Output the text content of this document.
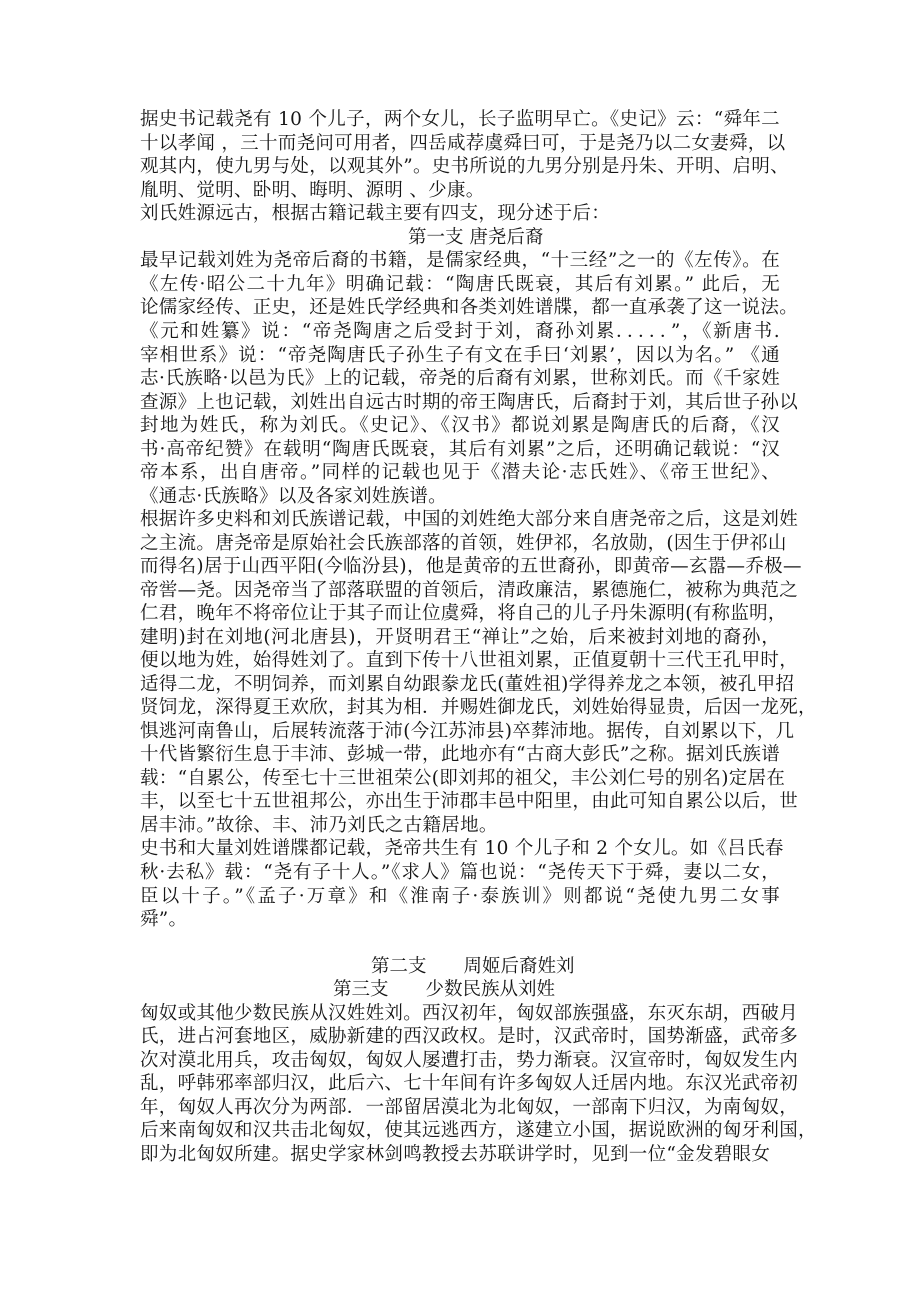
据史书记载尧有 10 个儿子，两个女儿，长子监明早亡。《史记》云：“舜年二
十以孝闻 ，三十而尧问可用者，四岳咸荐虞舜曰可，于是尧乃以二女妻舜，以
观其内，使九男与处，以观其外”。史书所说的九男分别是丹朱、开明、启明、
胤明、觉明、卧明、晦明、源明 、少康。
刘氏姓源远古，根据古籍记载主要有四支，现分述于后：
第一支 唐尧后裔
最早记载刘姓为尧帝后裔的书籍，是儒家经典，“十三经”之一的《左传》。在
《左传·昭公二十九年》明确记载：“陶唐氏既衰，其后有刘累。” 此后，无
论儒家经传、正史，还是姓氏学经典和各类刘姓谱牒，都一直承袭了这一说法。
《元和姓纂》说：“帝尧陶唐之后受封于刘，裔孙刘累．．．．．”，《新唐书.
宰相世系》说：“帝尧陶唐氏子孙生子有文在手曰‘刘累’，因以为名。” 《通
志·氏族略·以邑为氏》上的记载，帝尧的后裔有刘累，世称刘氏。而《千家姓
查源》上也记载，刘姓出自远古时期的帝王陶唐氏，后裔封于刘，其后世子孙以
封地为姓氏，称为刘氏。《史记》、《汉书》都说刘累是陶唐氏的后裔，《汉
书·高帝纪赞》在载明“陶唐氏既衰，其后有刘累”之后，还明确记载说：“汉
帝本系，出自唐帝。”同样的记载也见于《潜夫论·志氏姓》、《帝王世纪》、
《通志·氏族略》以及各家刘姓族谱。
根据许多史料和刘氏族谱记载，中国的刘姓绝大部分来自唐尧帝之后，这是刘姓
之主流。唐尧帝是原始社会氏族部落的首领，姓伊祁，名放勋，(因生于伊祁山
而得名)居于山西平阳(今临汾县)，他是黄帝的五世裔孙，即黄帝—玄嚣—乔极—
帝喾—尧。因尧帝当了部落联盟的首领后，清政廉洁，累德施仁，被称为典范之
仁君，晚年不将帝位让于其子而让位虞舜，将自己的儿子丹朱源明(有称监明，
建明)封在刘地(河北唐县)，开贤明君王“禅让”之始，后来被封刘地的裔孙，
便以地为姓，始得姓刘了。直到下传十八世祖刘累，正值夏朝十三代王孔甲时，
适得二龙，不明饲养，而刘累自幼跟豢龙氏(董姓祖)学得养龙之本领，被孔甲招
贤饲龙，深得夏王欢欣，封其为相．并赐姓御龙氏，刘姓始得显贵，后因一龙死，
惧逃河南鲁山，后展转流落于沛(今江苏沛县)卒葬沛地。据传，自刘累以下，几
十代皆繁衍生息于丰沛、彭城一带，此地亦有“古商大彭氏”之称。据刘氏族谱
载：“自累公，传至七十三世祖荣公(即刘邦的祖父，丰公刘仁号的别名)定居在
丰，以至七十五世祖邦公，亦出生于沛郡丰邑中阳里，由此可知自累公以后，世
居丰沛。”故徐、丰、沛乃刘氏之古籍居地。
史书和大量刘姓谱牒都记载，尧帝共生有 10 个儿子和 2 个女儿。如《吕氏春
秋·去私》载：“尧有子十人。”《求人》篇也说：“尧传天下于舜，妻以二女，
臣以十子。”《孟子·万章》和《淮南子·泰族训》则都说“尧使九男二女事
舜”。
第二支　　周姬后裔姓刘
第三支　　少数民族从刘姓
匈奴或其他少数民族从汉姓姓刘。西汉初年，匈奴部族强盛，东灭东胡，西破月
氏，进占河套地区，威胁新建的西汉政权。是时，汉武帝时，国势渐盛，武帝多
次对漠北用兵，攻击匈奴，匈奴人屡遭打击，势力渐衰。汉宣帝时，匈奴发生内
乱，呼韩邪率部归汉，此后六、七十年间有许多匈奴人迁居内地。东汉光武帝初
年，匈奴人再次分为两部．一部留居漠北为北匈奴，一部南下归汉，为南匈奴，
后来南匈奴和汉共击北匈奴，使其远逃西方，遂建立小国，据说欧洲的匈牙利国，
即为北匈奴所建。据史学家林剑鸣教授去苏联讲学时，见到一位“金发碧眼女
